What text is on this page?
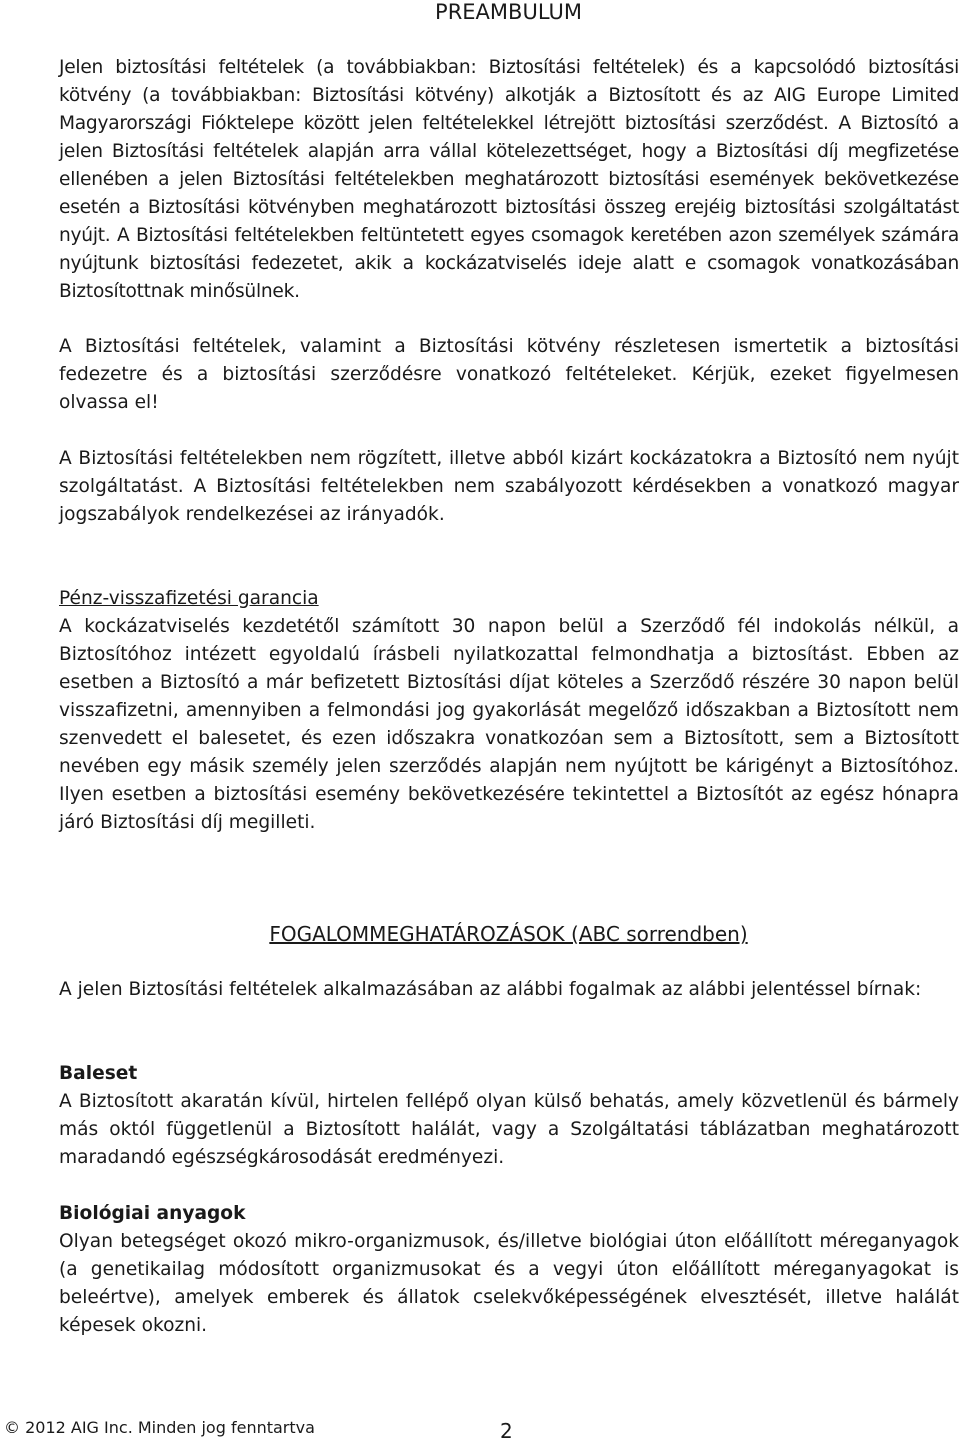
PREAMBULUM

Jelen biztosítási feltételek (a továbbiakban: Biztosítási feltételek) és a kapcsolódó biztosítási kötvény (a továbbiakban: Biztosítási kötvény) alkotják a Biztosított és az AIG Europe Limited Magyarországi Fióktelepe között jelen feltételekkel létrejött biztosítási szerződést. A Biztosító a jelen Biztosítási feltételek alapján arra vállal kötelezettséget, hogy a Biztosítási díj megfizetése ellenében a jelen Biztosítási feltételekben meghatározott biztosítási események bekövetkezése esetén a Biztosítási kötvényben meghatározott biztosítási összeg erejéig biztosítási szolgáltatást nyújt. A Biztosítási feltételekben feltüntetett egyes csomagok keretében azon személyek számára nyújtunk biztosítási fedezetet, akik a kockázatviselés ideje alatt e csomagok vonatkozásában Biztosítottnak minősülnek.

A Biztosítási feltételek, valamint a Biztosítási kötvény részletesen ismertetik a biztosítási fedezetre és a biztosítási szerződésre vonatkozó feltételeket. Kérjük, ezeket figyelmesen olvassa el!

A Biztosítási feltételekben nem rögzített, illetve abból kizárt kockázatokra a Biztosító nem nyújt szolgáltatást. A Biztosítási feltételekben nem szabályozott kérdésekben a vonatkozó magyar jogszabályok rendelkezései az irányadók.

Pénz-visszafizetési garancia

A kockázatviselés kezdetétől számított 30 napon belül a Szerződő fél indokolás nélkül, a Biztosítóhoz intézett egyoldalú írásbeli nyilatkozattal felmondhatja a biztosítást. Ebben az esetben a Biztosító a már befizetett Biztosítási díjat köteles a Szerződő részére 30 napon belül visszafizetni, amennyiben a felmondási jog gyakorlását megelőző időszakban a Biztosított nem szenvedett el balesetet, és ezen időszakra vonatkozóan sem a Biztosított, sem a Biztosított nevében egy másik személy jelen szerződés alapján nem nyújtott be kárigényt a Biztosítóhoz. Ilyen esetben a biztosítási esemény bekövetkezésére tekintettel a Biztosítót az egész hónapra járó Biztosítási díj megilleti.

FOGALOMMEGHATÁROZÁSOK (ABC sorrendben)

A jelen Biztosítási feltételek alkalmazásában az alábbi fogalmak az alábbi jelentéssel bírnak:

Baleset

A Biztosított akaratán kívül, hirtelen fellépő olyan külső behatás, amely közvetlenül és bármely más októl függetlenül a Biztosított halálát, vagy a Szolgáltatási táblázatban meghatározott maradandó egészségkárosodását eredményezi.

Biológiai anyagok

Olyan betegséget okozó mikro-organizmusok, és/illetve biológiai úton előállított méreganyagok (a genetikailag módosított organizmusokat és a vegyi úton előállított méreganyagokat is beleértve), amelyek emberek és állatok cselekvőképességének elvesztését, illetve halálát képesek okozni.

© 2012 AIG Inc. Minden jog fenntartva	2
